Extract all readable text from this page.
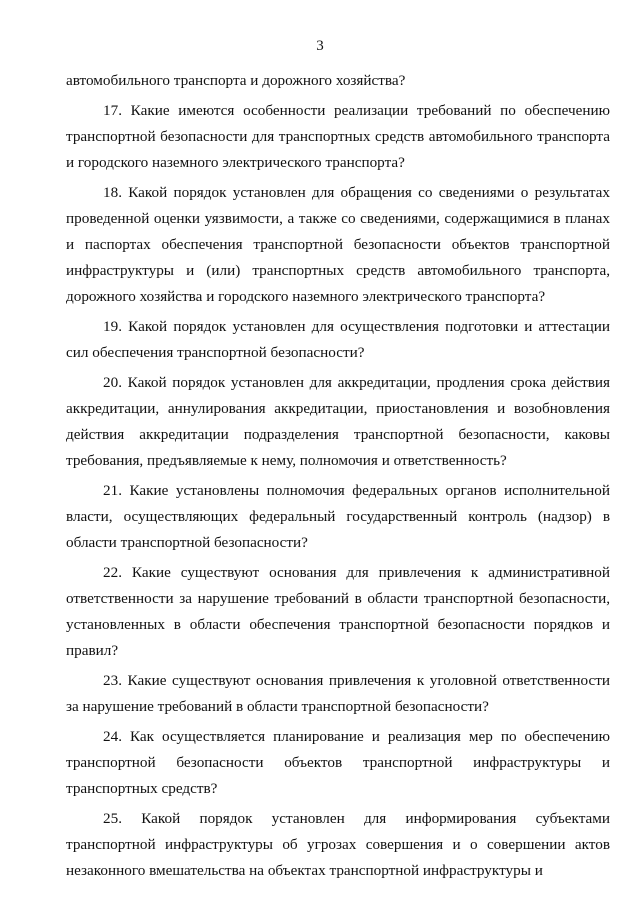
3

автомобильного транспорта и дорожного хозяйства?

17. Какие имеются особенности реализации требований по обеспечению транспортной безопасности для транспортных средств автомобильного транспорта и городского наземного электрического транспорта?

18. Какой порядок установлен для обращения со сведениями о результатах проведенной оценки уязвимости, а также со сведениями, содержащимися в планах и паспортах обеспечения транспортной безопасности объектов транспортной инфраструктуры и (или) транспортных средств автомобильного транспорта, дорожного хозяйства и городского наземного электрического транспорта?

19. Какой порядок установлен для осуществления подготовки и аттестации сил обеспечения транспортной безопасности?

20. Какой порядок установлен для аккредитации, продления срока действия аккредитации, аннулирования аккредитации, приостановления и возобновления действия аккредитации подразделения транспортной безопасности, каковы требования, предъявляемые к нему, полномочия и ответственность?

21. Какие установлены полномочия федеральных органов исполнительной власти, осуществляющих федеральный государственный контроль (надзор) в области транспортной безопасности?

22. Какие существуют основания для привлечения к административной ответственности за нарушение требований в области транспортной безопасности, установленных в области обеспечения транспортной безопасности порядков и правил?

23. Какие существуют основания привлечения к уголовной ответственности за нарушение требований в области транспортной безопасности?

24. Как осуществляется планирование и реализация мер по обеспечению транспортной безопасности объектов транспортной инфраструктуры и транспортных средств?

25. Какой порядок установлен для информирования субъектами транспортной инфраструктуры об угрозах совершения и о совершении актов незаконного вмешательства на объектах транспортной инфраструктуры и
